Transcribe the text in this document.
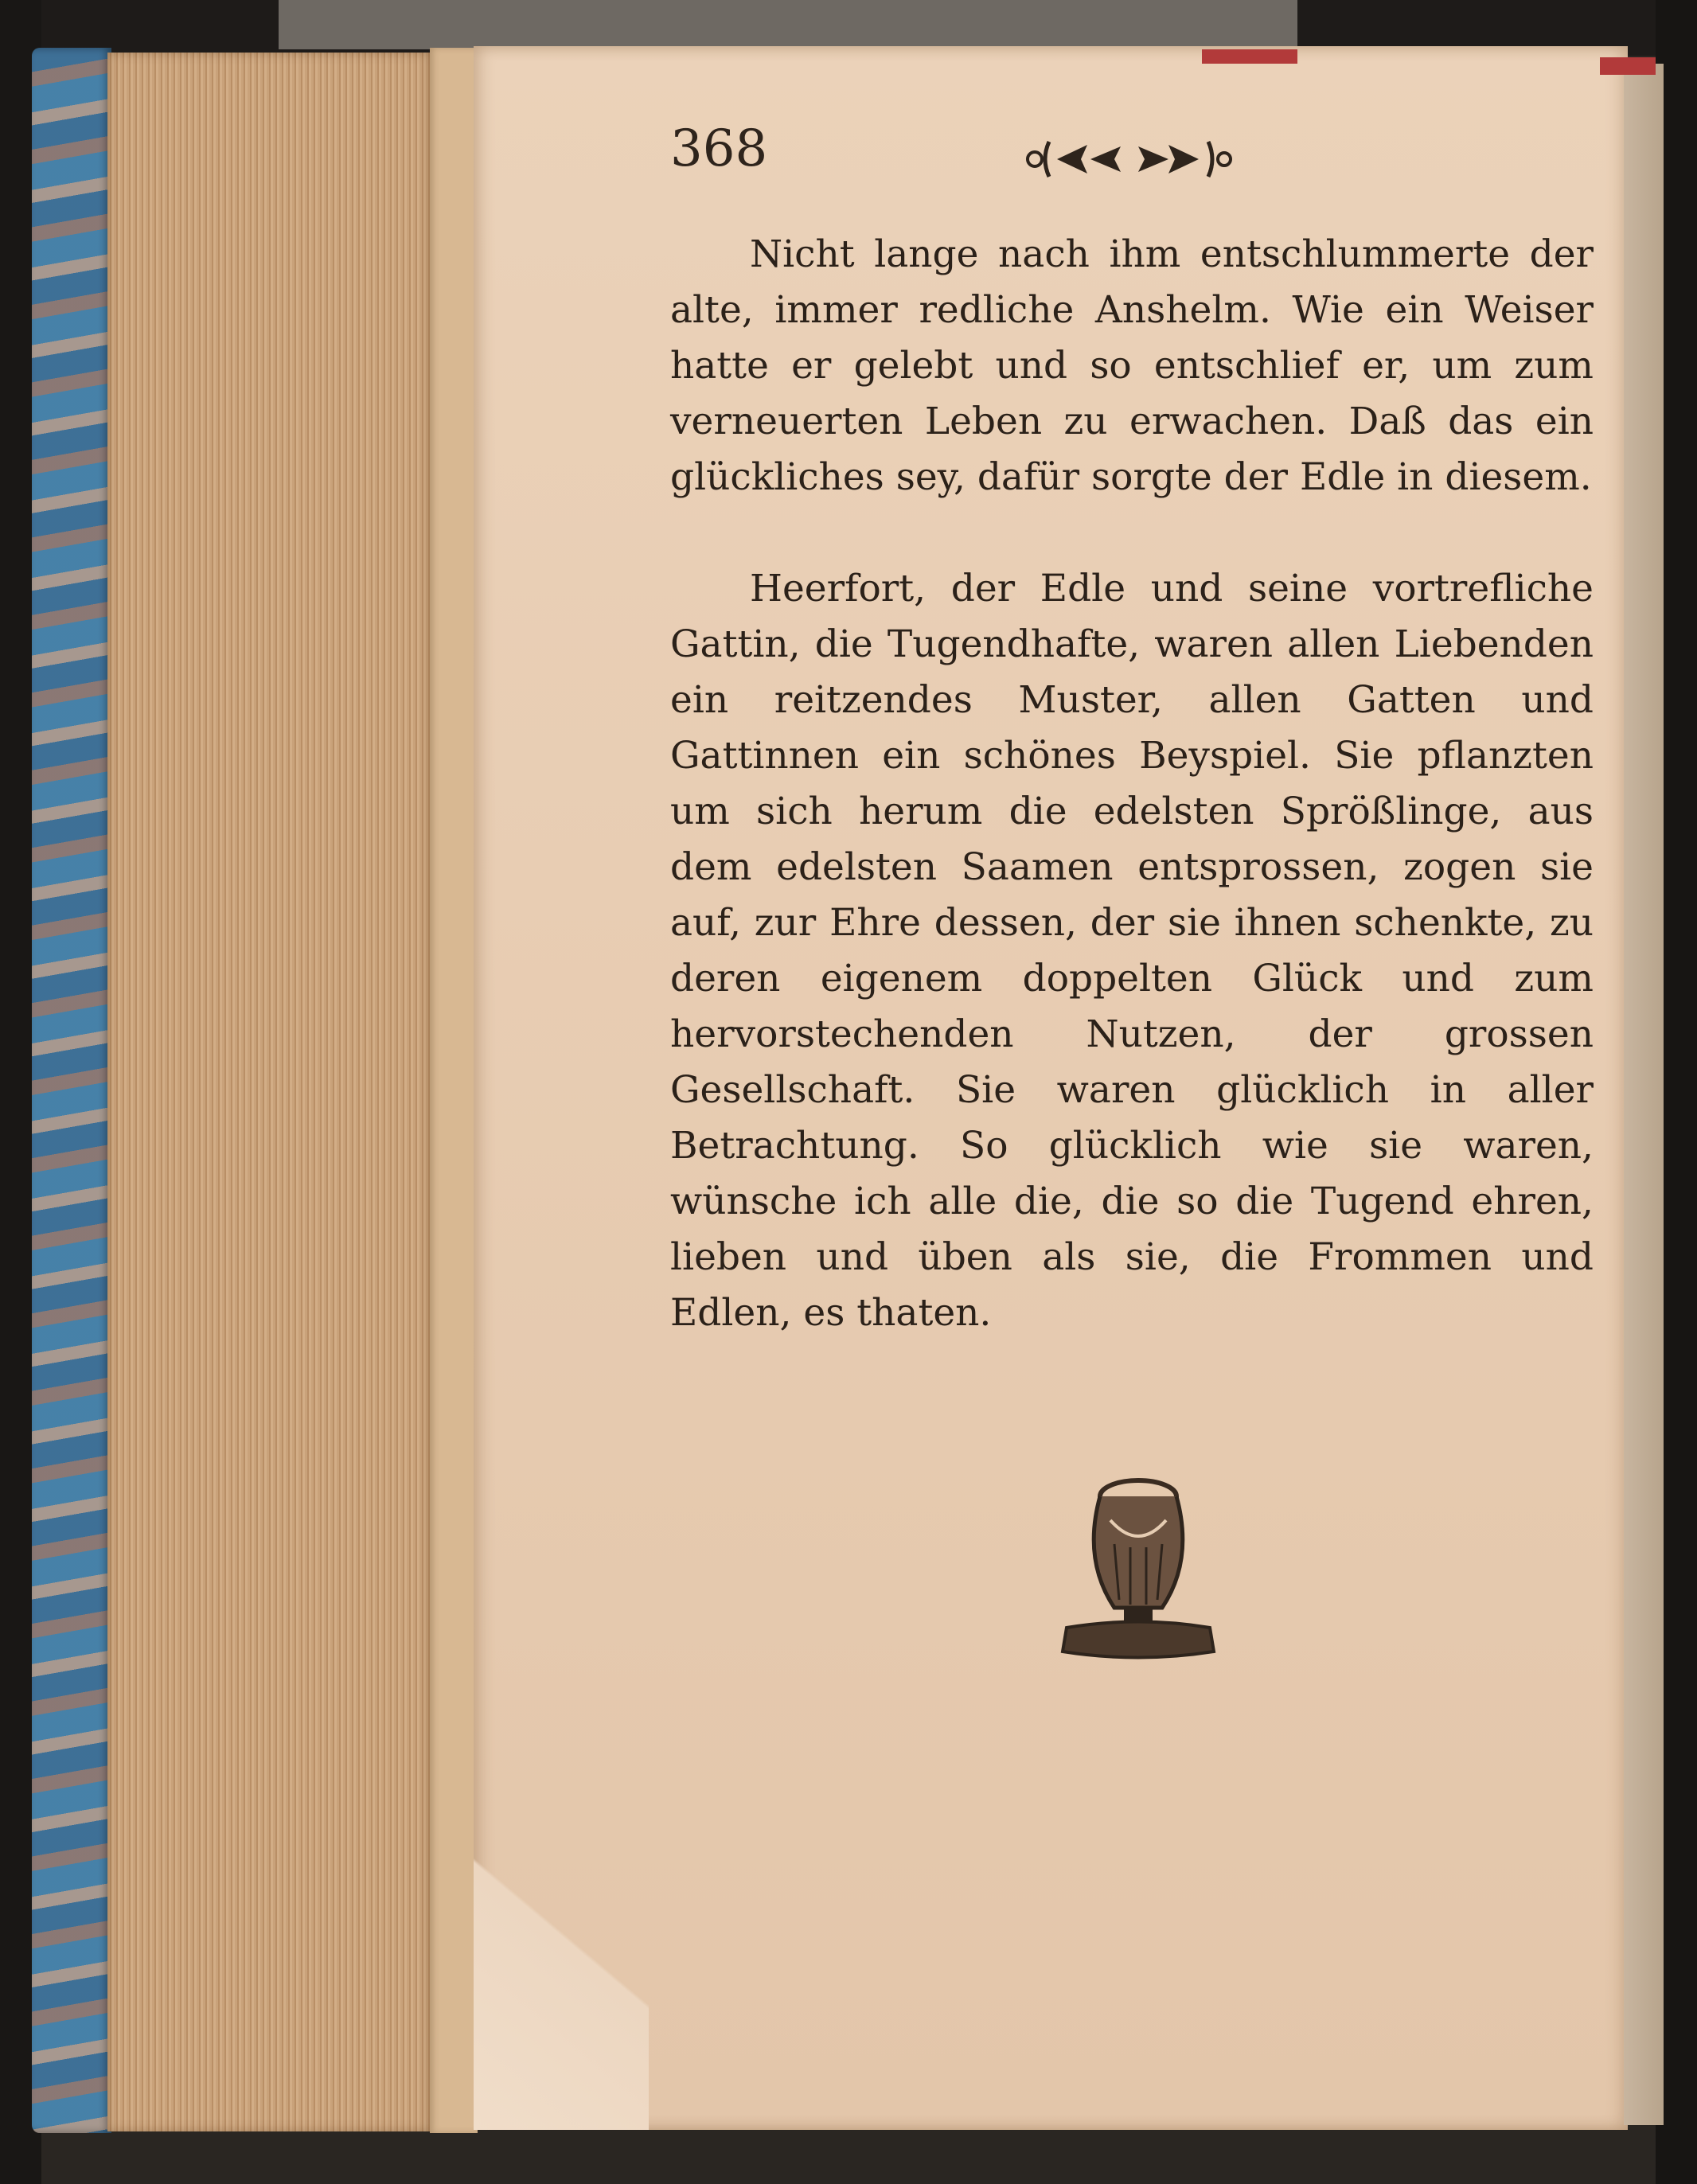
368

Nicht lange nach ihm entschlummerte der alte, immer redliche Anshelm. Wie ein Weiser hatte er gelebt und so entschlief er, um zum verneuerten Leben zu erwachen. Daß das ein glückliches sey, dafür sorgte der Edle in diesem.

Heerfort, der Edle und seine vortrefliche Gattin, die Tugendhafte, waren allen Liebenden ein reitzendes Muster, allen Gatten und Gattinnen ein schönes Beyspiel. Sie pflanzten um sich herum die edelsten Sprößlinge, aus dem edelsten Saamen entsprossen, zogen sie auf, zur Ehre dessen, der sie ihnen schenkte, zu deren eigenem doppelten Glück und zum hervorstechenden Nutzen, der grossen Gesellschaft. Sie waren glücklich in aller Betrachtung. So glücklich wie sie waren, wünsche ich alle die, die so die Tugend ehren, lieben und üben als sie, die Frommen und Edlen, es thaten.
